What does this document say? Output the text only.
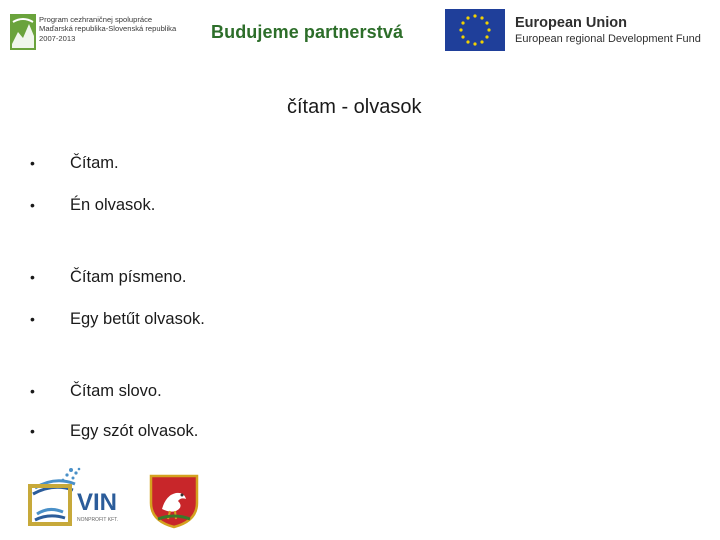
Program cezhraničnej spolupráce
Maďarská republika-Slovenská republika
2007-2013	Budujeme partnerstvá	European Union
European regional Development Fund
čítam - olvasok
•	Čítam.
•	Én olvasok.
•	Čítam písmeno.
•	Egy betűt olvasok.
•	Čítam slovo.
•	Egy szót olvasok.
VIN
NONPROFIT KFT.
